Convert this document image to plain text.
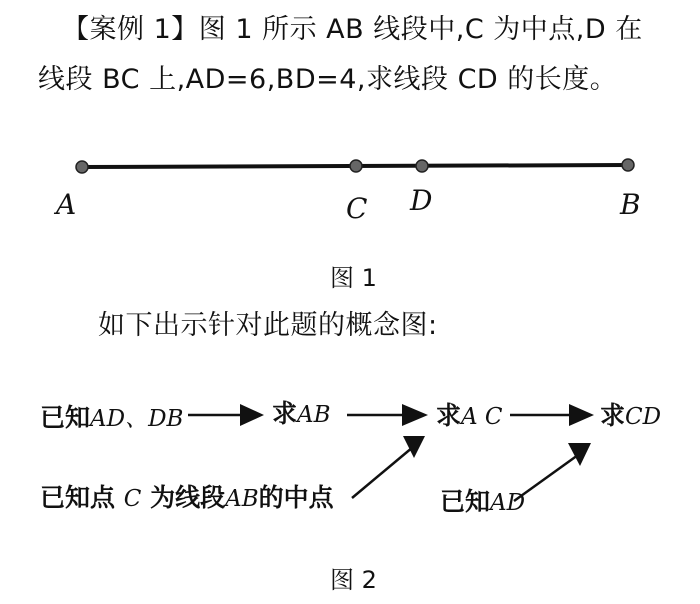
【案例 1】图 1 所示 AB 线段中,C 为中点,D 在
线段 BC 上,AD=6,BD=4,求线段 CD 的长度。
A	C D	B
图 1
如下出示针对此题的概念图:
已知AD、DB	求AB	求A C	求CD
已知点 C 为线段AB的中点	已知AD
图 2
